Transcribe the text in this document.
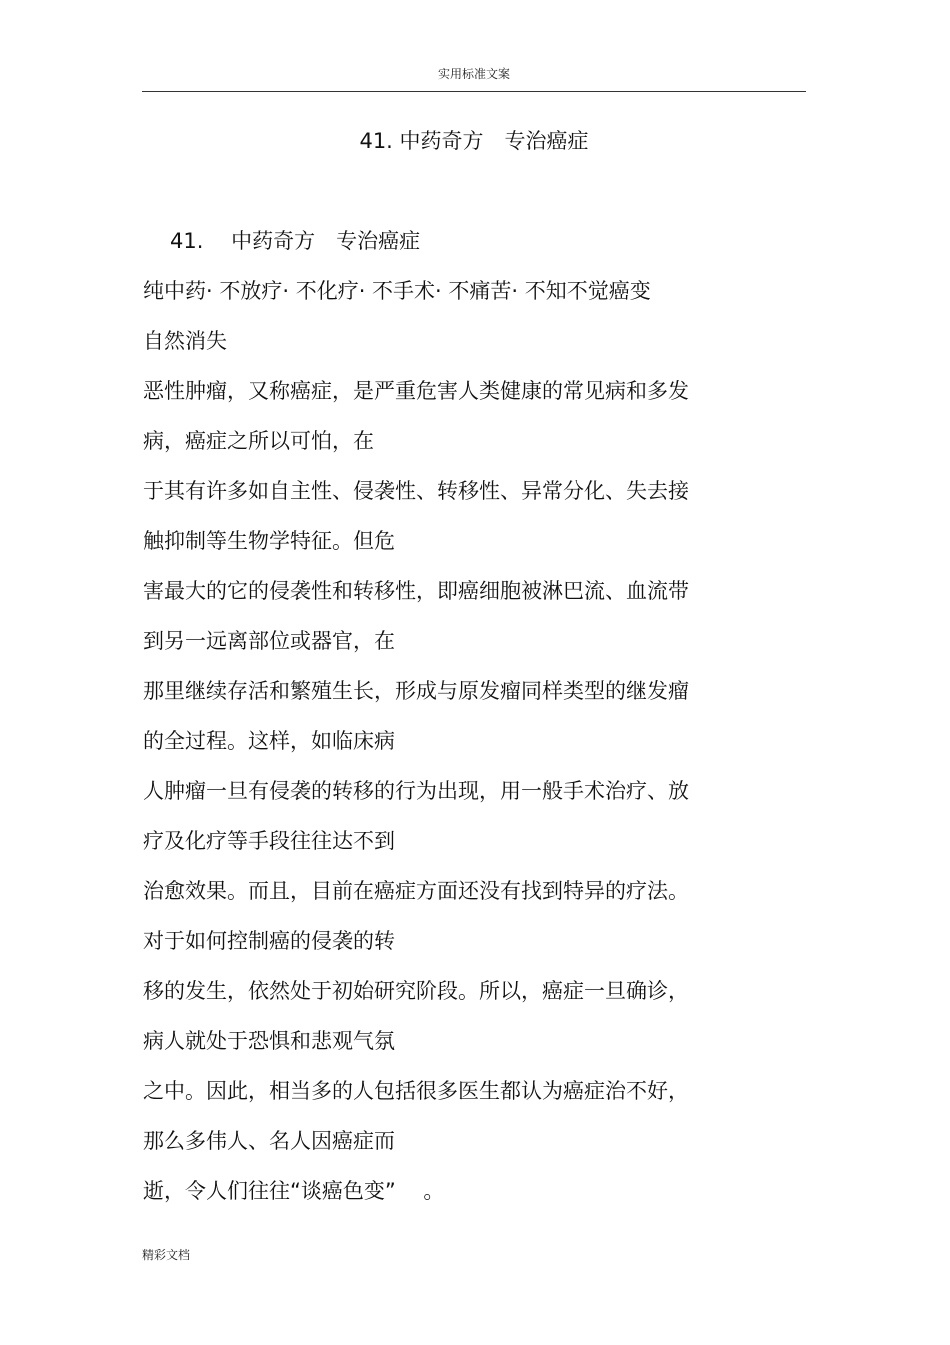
实用标准文案
41. 中药奇方　专治癌症
41.　 中药奇方　专治癌症
纯中药· 不放疗· 不化疗· 不手术· 不痛苦· 不知不觉癌变
自然消失
恶性肿瘤，又称癌症，是严重危害人类健康的常见病和多发
病，癌症之所以可怕，在
于其有许多如自主性、侵袭性、转移性、异常分化、失去接
触抑制等生物学特征。但危
害最大的它的侵袭性和转移性，即癌细胞被淋巴流、血流带
到另一远离部位或器官，在
那里继续存活和繁殖生长，形成与原发瘤同样类型的继发瘤
的全过程。这样，如临床病
人肿瘤一旦有侵袭的转移的行为出现，用一般手术治疗、放
疗及化疗等手段往往达不到
治愈效果。而且，目前在癌症方面还没有找到特异的疗法。
对于如何控制癌的侵袭的转
移的发生，依然处于初始研究阶段。所以，癌症一旦确诊，
病人就处于恐惧和悲观气氛
之中。因此，相当多的人包括很多医生都认为癌症治不好，
那么多伟人、名人因癌症而
逝，令人们往往“谈癌色变”　 。
精彩文档
